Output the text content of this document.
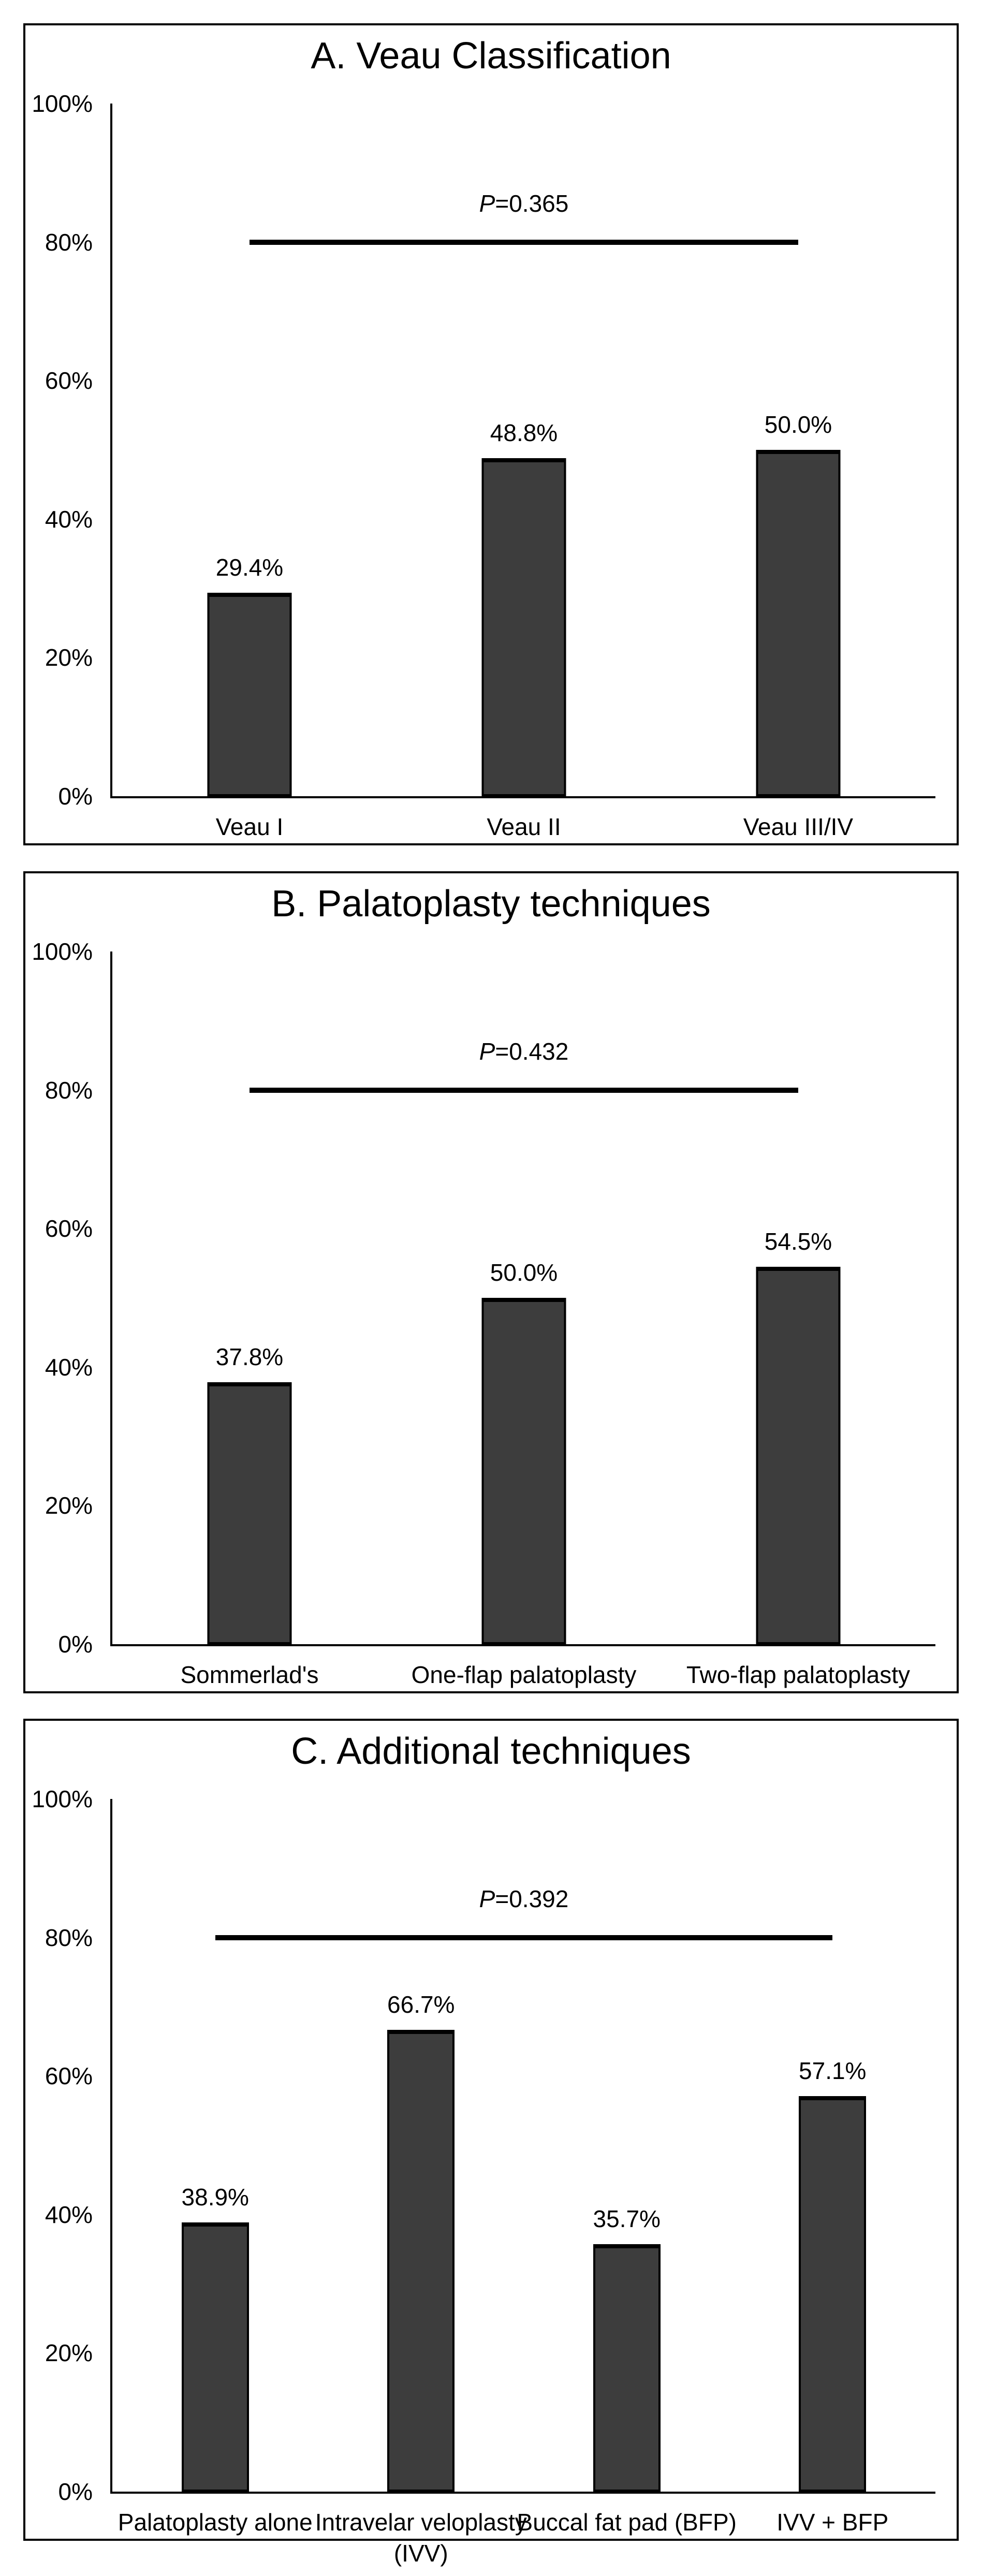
A. Veau Classification
100%
80%
60%
40%
20%
0%
29.4%
48.8%	50.0%
P=0.365
Veau I	Veau II	Veau III/IV
B. Palatoplasty techniques
100%
80%
60%
40%
20%
0%
37.8%
50.0%
54.5%
P=0.432
Sommerlad's	One-flap palatoplasty Two-flap palatoplasty
C. Additional techniques
100%
80%
60%
40%
20%
0%
38.9%
66.7%
35.7%
57.1%
P=0.392
Palatoplasty alone Intravelar veloplasty (IVV)
Buccal fat pad (BFP) IVV + BFP
